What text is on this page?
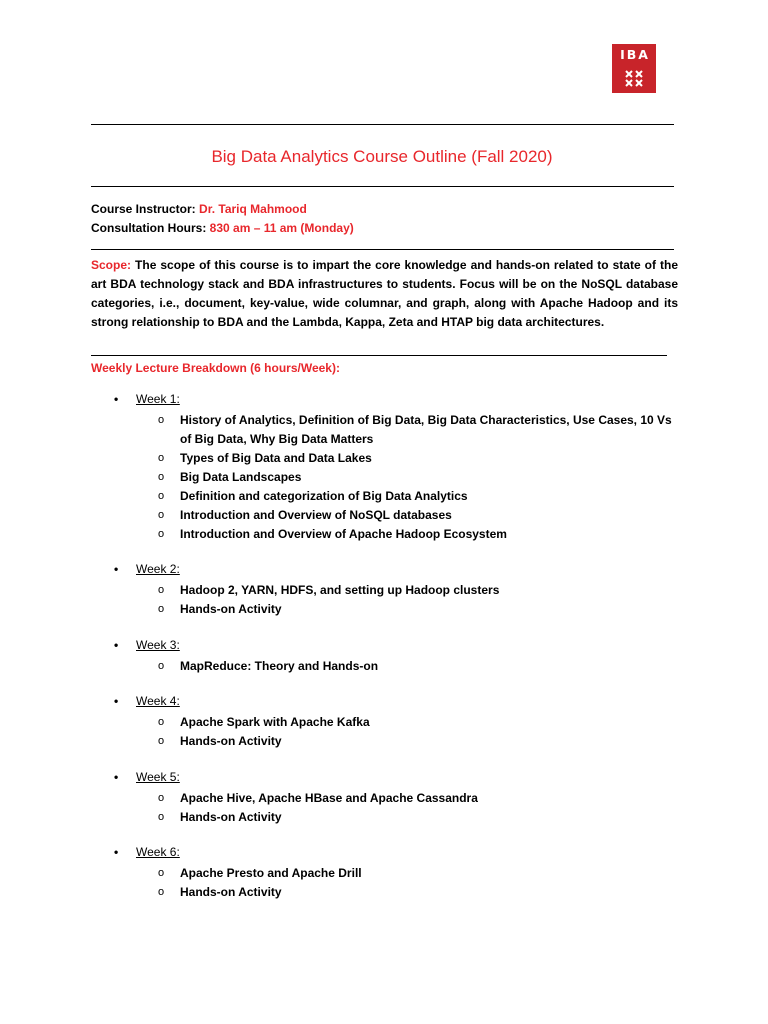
IBA
Big Data Analytics Course Outline (Fall 2020)
Course Instructor: Dr. Tariq Mahmood
Consultation Hours: 830 am – 11 am (Monday)
Scope: The scope of this course is to impart the core knowledge and hands-on related to state of the art BDA technology stack and BDA infrastructures to students. Focus will be on the NoSQL database categories, i.e., document, key-value, wide columnar, and graph, along with Apache Hadoop and its strong relationship to BDA and the Lambda, Kappa, Zeta and HTAP big data architectures.
Weekly Lecture Breakdown (6 hours/Week):
•	Week 1:
o	History of Analytics, Definition of Big Data, Big Data Characteristics, Use Cases, 10 Vs of Big Data, Why Big Data Matters
o	Types of Big Data and Data Lakes
o	Big Data Landscapes
o	Definition and categorization of Big Data Analytics
o	Introduction and Overview of NoSQL databases
o	Introduction and Overview of Apache Hadoop Ecosystem
•	Week 2:
o	Hadoop 2, YARN, HDFS, and setting up Hadoop clusters
o	Hands-on Activity
•	Week 3:
o	MapReduce: Theory and Hands-on
•	Week 4:
o	Apache Spark with Apache Kafka
o	Hands-on Activity
•	Week 5:
o	Apache Hive, Apache HBase and Apache Cassandra
o	Hands-on Activity
•	Week 6:
o	Apache Presto and Apache Drill
o	Hands-on Activity
